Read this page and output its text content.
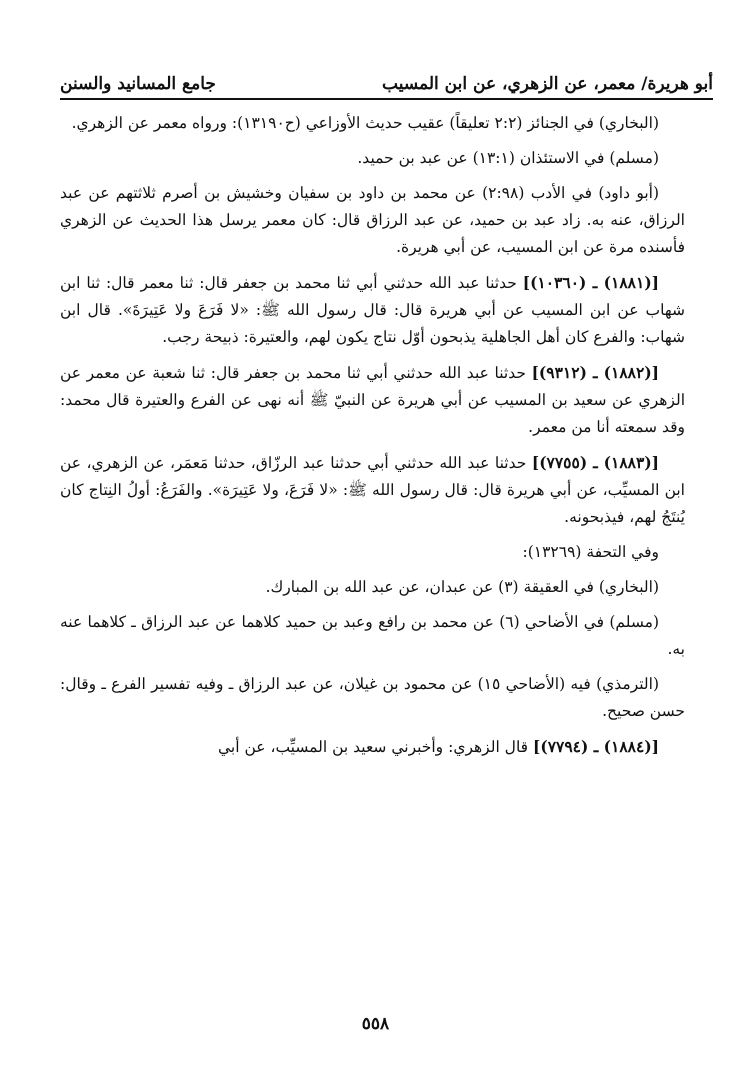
أبو هريرة/ معمر، عن الزهري، عن ابن المسيب
جامع المسانيد والسنن

(البخاري) في الجنائز (٢:٢ تعليقاً) عقيب حديث الأوزاعي (ح١٣١٩٠): ورواه معمر عن الزهري.

(مسلم) في الاستئذان (١٣:١) عن عبد بن حميد.

(أبو داود) في الأدب (٢:٩٨) عن محمد بن داود بن سفيان وخشيش بن أصرم ثلاثتهم عن عبد الرزاق، عنه به. زاد عبد بن حميد، عن عبد الرزاق قال: كان معمر يرسل هذا الحديث عن الزهري فأسنده مرة عن ابن المسيب، عن أبي هريرة.

[(١٨٨١) ـ (١٠٣٦٠)] حدثنا عبد الله حدثني أبي ثنا محمد بن جعفر قال: ثنا معمر قال: ثنا ابن شهاب عن ابن المسيب عن أبي هريرة قال: قال رسول الله ﷺ: «لا فَرَعَ ولا عَتِيرَةَ». قال ابن شهاب: والفرع كان أهل الجاهلية يذبحون أوّل نتاج يكون لهم، والعتيرة: ذبيحة رجب.

[(١٨٨٢) ـ (٩٣١٢)] حدثنا عبد الله حدثني أبي ثنا محمد بن جعفر قال: ثنا شعبة عن معمر عن الزهري عن سعيد بن المسيب عن أبي هريرة عن النبيّ ﷺ أنه نهى عن الفرع والعتيرة قال محمد: وقد سمعته أنا من معمر.

[(١٨٨٣) ـ (٧٧٥٥)] حدثنا عبد الله حدثني أبي حدثنا عبد الرزّاق، حدثنا مَعمَر، عن الزهري، عن ابن المسيِّب، عن أبي هريرة قال: قال رسول الله ﷺ: «لا فَرَعَ، ولا عَتِيرَة». والفَرَعُ: أولُ النِتاج كان يُنتَجُ لهم، فيذبحونه.

وفي التحفة (١٣٢٦٩):

(البخاري) في العقيقة (٣) عن عبدان، عن عبد الله بن المبارك.

(مسلم) في الأضاحي (٦) عن محمد بن رافع وعبد بن حميد كلاهما عن عبد الرزاق ـ كلاهما عنه به.

(الترمذي) فيه (الأضاحي ١٥) عن محمود بن غيلان، عن عبد الرزاق ـ وفيه تفسير الفرع ـ وقال: حسن صحيح.

[(١٨٨٤) ـ (٧٧٩٤)] قال الزهري: وأخبرني سعيد بن المسيِّب، عن أبي

٥٥٨
